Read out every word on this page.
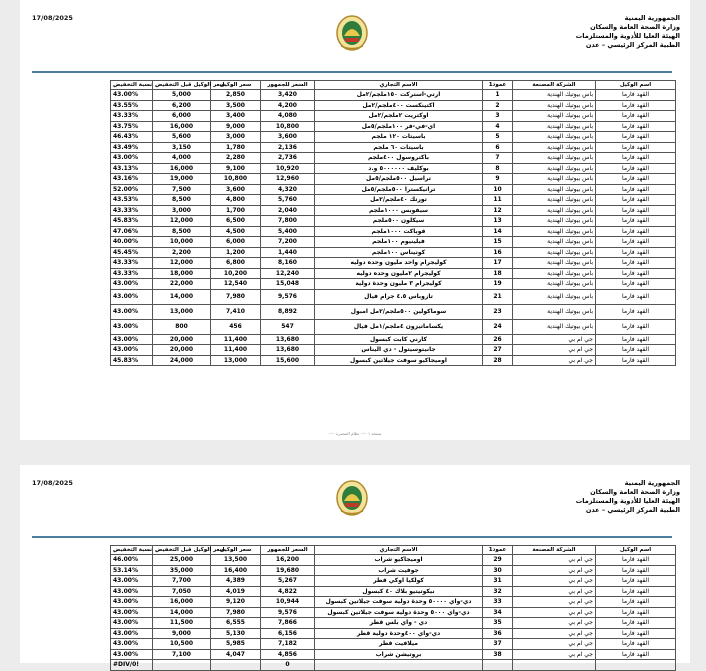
17/08/2025	الجمهورية اليمنية
وزارة الصحة العامة والسكان
الهيئة العليا للأدوية والمستلزمات
الطبية المركز الرئيسي – عدن
نسبة التخفيض	سعر الوكيل قبل التخفيض	سعر الوكيل	السعر للجمهور	الاسم التجاري	عمود1	الشركة المصنعة	اسم الوكيل
43.00%	5,000	2,850	3,420	ارتي-استركت ١٥٠ملجم/٢مل	1	باس بيوتيك الهندية	القهد فارما
43.55%	6,200	3,500	4,200	اكتينكست ٤٠٠ملجم/٢مل	2	باس بيوتيك الهندية	القهد فارما
43.33%	6,000	3,400	4,080	اوكتريت ٢ملجم/٢مل	3	باس بيوتيك الهندية	القهد فارما
43.75%	16,000	9,000	10,800	اي-في-فر ١٠٠ملجم/٥مل	4	باس بيوتيك الهندية	القهد فارما
46.43%	5,600	3,000	3,600	باسيتات ١٢٠ ملجم	5	باس بيوتيك الهندية	القهد فارما
43.49%	3,150	1,780	2,136	باسيتات ٦٠ ملجم	6	باس بيوتيك الهندية	القهد فارما
43.00%	4,000	2,280	2,736	باكتروسول ٤٠٠ملجم	7	باس بيوتيك الهندية	القهد فارما
43.13%	16,000	9,100	10,920	بوكليف ٥٠٠٠٠٠٠ و.د	8	باس بيوتيك الهندية	القهد فارما
43.16%	19,000	10,800	12,960	تراسيل ٥٠٠ملجم/٥مل	9	باس بيوتيك الهندية	القهد فارما
52.00%	7,500	3,600	4,320	ترانيكسترا ٥٠٠ملجم/٥مل	10	باس بيوتيك الهندية	القهد فارما
43.53%	8,500	4,800	5,760	تورتك ٤٠ملجم/٢مل	11	باس بيوتيك الهندية	القهد فارما
43.33%	3,000	1,700	2,040	سيفوبس ١٠٠٠ملجم	12	باس بيوتيك الهندية	القهد فارما
45.83%	12,000	6,500	7,800	سيكلون ٥٠٠ملجم	13	باس بيوتيك الهندية	القهد فارما
47.06%	8,500	4,500	5,400	فوباكت ١٠٠٠ملجم	14	باس بيوتيك الهندية	القهد فارما
40.00%	10,000	6,000	7,200	فيلينيوم ١٠٠ملجم	15	باس بيوتيك الهندية	القهد فارما
45.45%	2,200	1,200	1,440	كوتيناس ١٠٠ملجم	16	باس بيوتيك الهندية	القهد فارما
43.33%	12,000	6,800	8,160	كوليجرام واحد مليون وحده دوليه	17	باس بيوتيك الهندية	القهد فارما
43.33%	18,000	10,200	12,240	كوليجرام ٢مليون وحده دوليه	18	باس بيوتيك الهندية	القهد فارما
43.00%	22,000	12,540	15,048	كوليجرام ٣ مليون وحدة دولية	19	باس بيوتيك الهندية	القهد فارما
43.00%	14,000	7,980	9,576	تازوباس ٤.٥ جرام فيال	21	باس بيوتيك الهندية	القهد فارما
43.00%	13,000	7,410	8,892	سوماكولين ٥٠٠ملجم/٢مل امبول	23	باس بيوتيك الهندية	القهد فارما
43.00%	800	456	547	يكساماتيزون ٤ملجم/١مل فيال	24	باس بيوتيك الهندية	القهد فارما
43.00%	20,000	11,400	13,680	كارني كابت كبسول	26	جي ام بي	القهد فارما
43.00%	20,000	11,400	13,680	جانيتوسيتول - دي اليناس	27	جي ام بي	القهد فارما
45.83%	24,000	13,000	15,600	اوميجاكيو سوفت جيلاتين كبسول	28	جي ام بي	القهد فارما
صفحة ١ ····· نظام المنصرة ·····
17/08/2025	الجمهورية اليمنية
وزارة الصحة العامة والسكان
الهيئة العليا للأدوية والمستلزمات
الطبية المركز الرئيسي – عدن
نسبة التخفيض	سعر الوكيل قبل التخفيض	سعر الوكيل	السعر للجمهور	الاسم التجاري	عمود1	الشركة المصنعة	اسم الوكيل
46.00%	25,000	13,500	16,200	اوميجاكيو شراب	29	جي ام بي	القهد فارما
53.14%	35,000	16,400	19,680	جوفيت شراب	30	جي ام بي	القهد فارما
43.00%	7,700	4,389	5,267	كولكيا اوكي قطر	31	جي ام بي	القهد فارما
43.00%	7,050	4,019	4,822	نيكوتيتيو بلاك ٤٠ كبسول	32	جي ام بي	القهد فارما
43.00%	16,000	9,120	10,944	دي-واي ٥٠٠٠٠ وحدة دولية سوفت جيلاتين كبسول	33	جي ام بي	القهد فارما
43.00%	14,000	7,980	9,576	دي-واي ٥٠٠٠ وحدة دولية سوفت جيلاتين كبسول	34	جي ام بي	القهد فارما
43.00%	11,500	6,555	7,866	دي - واي بلس قطر	35	جي ام بي	القهد فارما
43.00%	9,000	5,130	6,156	دي-واي ٤٠٠وحدة دولية قطر	36	جي ام بي	القهد فارما
43.00%	10,500	5,985	7,182	ميلافيت قطر	37	جي ام بي	القهد فارما
43.00%	7,100	4,047	4,856	بروتيشن شراب	38	جي ام بي	القهد فارما
#DIV/0!			0				
